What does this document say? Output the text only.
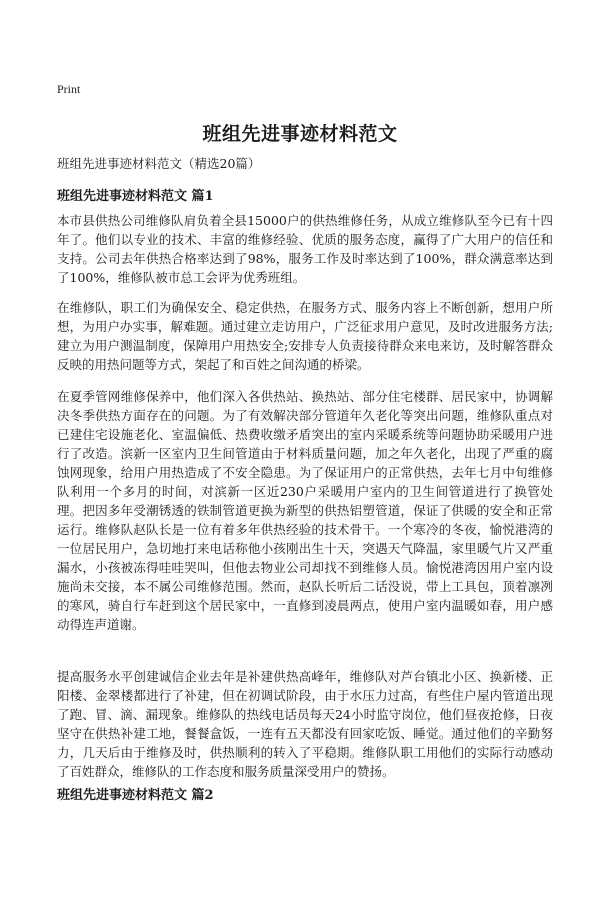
Print
班组先进事迹材料范文

班组先进事迹材料范文（精选20篇）

班组先进事迹材料范文 篇1

本市县供热公司维修队肩负着全县15000户的供热维修任务，从成立维修队至今已有十四年了。他们以专业的技术、丰富的维修经验、优质的服务态度，赢得了广大用户的信任和支持。公司去年供热合格率达到了98%，服务工作及时率达到了100%，群众满意率达到了100%，维修队被市总工会评为优秀班组。

在维修队，职工们为确保安全、稳定供热，在服务方式、服务内容上不断创新，想用户所想，为用户办实事，解难题。通过建立走访用户，广泛征求用户意见，及时改进服务方法;建立为用户测温制度，保障用户用热安全;安排专人负责接待群众来电来访，及时解答群众反映的用热问题等方式，架起了和百姓之间沟通的桥梁。

在夏季管网维修保养中，他们深入各供热站、换热站、部分住宅楼群、居民家中，协调解决冬季供热方面存在的问题。为了有效解决部分管道年久老化等突出问题，维修队重点对已建住宅设施老化、室温偏低、热费收缴矛盾突出的室内采暖系统等问题协助采暖用户进行了改造。滨新一区室内卫生间管道由于材料质量问题，加之年久老化，出现了严重的腐蚀网现象，给用户用热造成了不安全隐患。为了保证用户的正常供热，去年七月中旬维修队利用一个多月的时间，对滨新一区近230户采暖用户室内的卫生间管道进行了换管处理。把因多年受潮锈透的铁制管道更换为新型的供热铝塑管道，保证了供暖的安全和正常运行。维修队赵队长是一位有着多年供热经验的技术骨干。一个寒冷的冬夜，愉悦港湾的一位居民用户，急切地打来电话称他小孩刚出生十天，突遇天气降温，家里暖气片又严重漏水，小孩被冻得哇哇哭叫，但他去物业公司却找不到维修人员。愉悦港湾因用户室内设施尚未交接，本不属公司维修范围。然而，赵队长听后二话没说，带上工具包，顶着凛冽的寒风，骑自行车赶到这个居民家中，一直修到凌晨两点，使用户室内温暖如春，用户感动得连声道谢。

提高服务水平创建诚信企业去年是补建供热高峰年，维修队对芦台镇北小区、换新楼、正阳楼、金翠楼都进行了补建，但在初调试阶段，由于水压力过高，有些住户屋内管道出现了跑、冒、滴、漏现象。维修队的热线电话员每天24小时监守岗位，他们昼夜抢修，日夜坚守在供热补建工地，餐餐盒饭，一连有五天都没有回家吃饭、睡觉。通过他们的辛勤努力，几天后由于维修及时，供热顺利的转入了平稳期。维修队职工用他们的实际行动感动了百姓群众，维修队的工作态度和服务质量深受用户的赞扬。

班组先进事迹材料范文 篇2
